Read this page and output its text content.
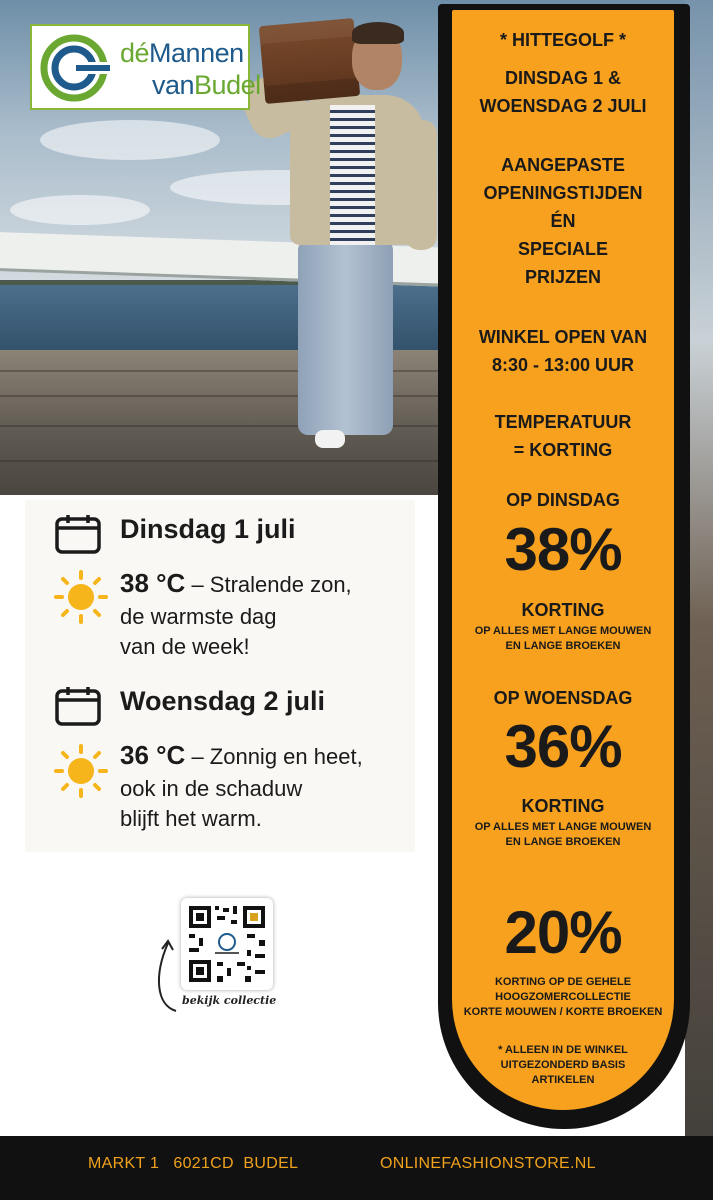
déMannen
vanBudel
* HITTEGOLF *
DINSDAG 1 &
WOENSDAG 2 JULI
AANGEPASTE
OPENINGSTIJDEN
ÉN
SPECIALE
PRIJZEN
WINKEL OPEN VAN
8:30 - 13:00 UUR
TEMPERATUUR
= KORTING
OP DINSDAG
38%
KORTING
OP ALLES MET LANGE MOUWEN
EN LANGE BROEKEN
OP WOENSDAG
36%
KORTING
OP ALLES MET LANGE MOUWEN
EN LANGE BROEKEN
20%
KORTING OP DE GEHELE
HOOGZOMERCOLLECTIE
KORTE MOUWEN / KORTE BROEKEN
* ALLEEN IN DE WINKEL
UITGEZONDERD BASIS
ARTIKELEN
Dinsdag 1 juli
38 °C – Stralende zon,
de warmste dag
van de week!
Woensdag 2 juli
36 °C – Zonnig en heet,
ook in de schaduw
blijft het warm.
bekijk collectie
MARKT 1   6021CD  BUDEL	ONLINEFASHIONSTORE.NL
